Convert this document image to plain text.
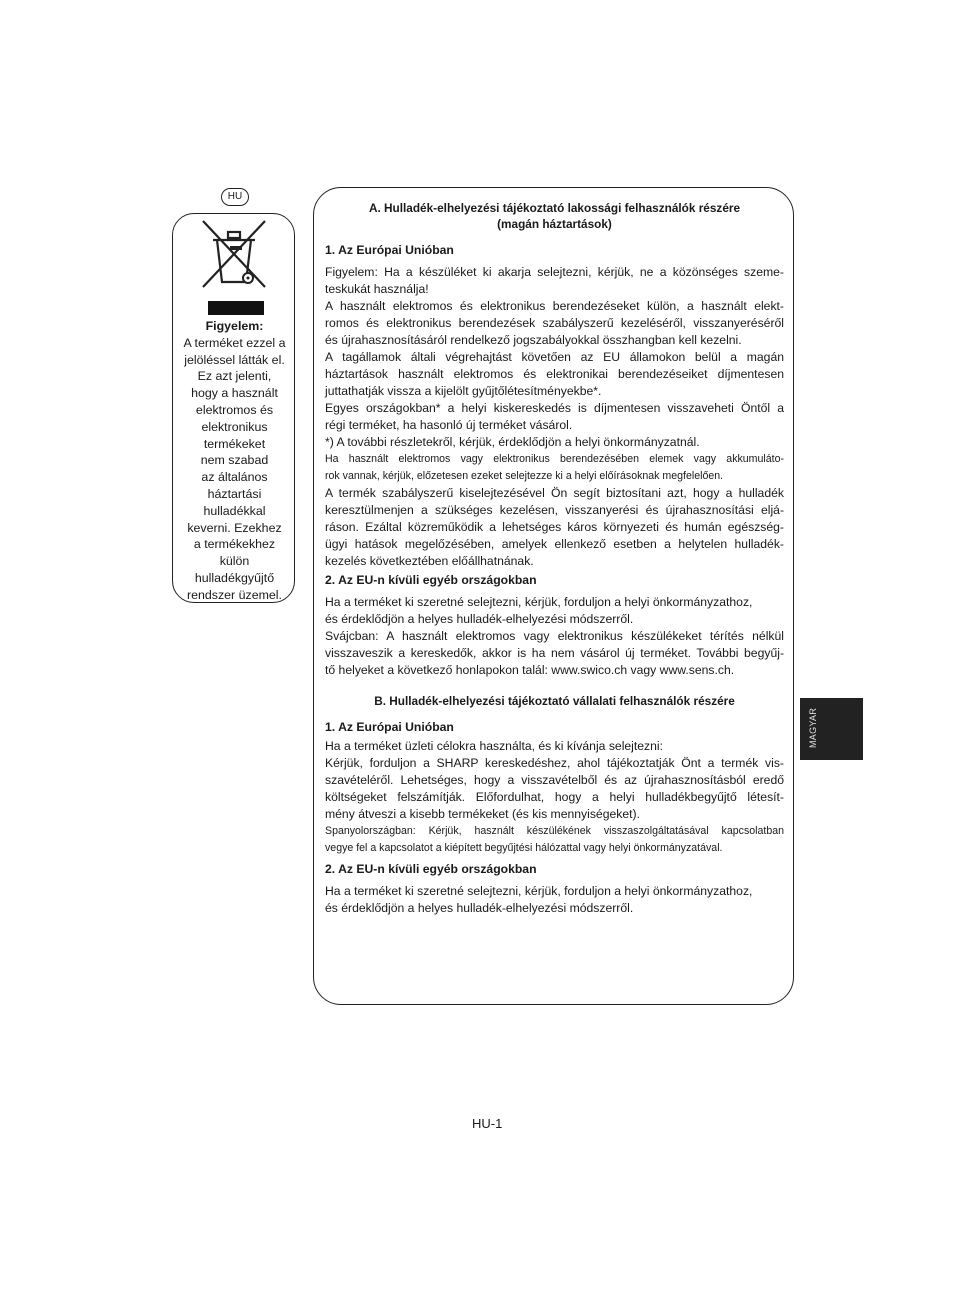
HU
Figyelem:
A terméket ezzel a
jelöléssel látták el.
Ez azt jelenti,
hogy a használt
elektromos és
elektronikus
termékeket
nem szabad
az általános
háztartási
hulladékkal
keverni. Ezekhez
a termékekhez
külön
hulladékgyűjtő
rendszer üzemel.

A. Hulladék-elhelyezési tájékoztató lakossági felhasználók részére
(magán háztartások)

1. Az Európai Unióban

Figyelem: Ha a készüléket ki akarja selejtezni, kérjük, ne a közönséges szeme-
teskukát használja!

A használt elektromos és elektronikus berendezéseket külön, a használt elekt-
romos és elektronikus berendezések szabályszerű kezeléséről, visszanyeréséről
és újrahasznosításáról rendelkező jogszabályokkal összhangban kell kezelni.

A tagállamok általi végrehajtást követően az EU államokon belül a magán
háztartások használt elektromos és elektronikai berendezéseiket díjmentesen
juttathatják vissza a kijelölt gyűjtőlétesítményekbe*.

Egyes országokban* a helyi kiskereskedés is díjmentesen visszaveheti Öntől a
régi terméket, ha hasonló új terméket vásárol.

*) A további részletekről, kérjük, érdeklődjön a helyi önkormányzatnál.

Ha használt elektromos vagy elektronikus berendezésében elemek vagy akkumuláto-
rok vannak, kérjük, előzetesen ezeket selejtezze ki a helyi előírásoknak megfelelően.

A termék szabályszerű kiselejtezésével Ön segít biztosítani azt, hogy a hulladék
keresztülmenjen a szükséges kezelésen, visszanyerési és újrahasznosítási eljá-
ráson. Ezáltal közreműködik a lehetséges káros környezeti és humán egészség-
ügyi hatások megelőzésében, amelyek ellenkező esetben a helytelen hulladék-
kezelés következtében előállhatnának.

2. Az EU-n kívüli egyéb országokban

Ha a terméket ki szeretné selejtezni, kérjük, forduljon a helyi önkormányzathoz,
és érdeklődjön a helyes hulladék-elhelyezési módszerről.

Svájcban: A használt elektromos vagy elektronikus készülékeket térítés nélkül
visszaveszik a kereskedők, akkor is ha nem vásárol új terméket. További begyűj-
tő helyeket a következő honlapokon talál: www.swico.ch vagy www.sens.ch.

B. Hulladék-elhelyezési tájékoztató vállalati felhasználók részére

1. Az Európai Unióban

Ha a terméket üzleti célokra használta, és ki kívánja selejtezni:

Kérjük, forduljon a SHARP kereskedéshez, ahol tájékoztatják Önt a termék vis-
szavételéről. Lehetséges, hogy a visszavételből és az újrahasznosításból eredő
költségeket felszámítják. Előfordulhat, hogy a helyi hulladékbegyűjtő létesít-
mény átveszi a kisebb termékeket (és kis mennyiségeket).

Spanyolországban: Kérjük, használt készülékének visszaszolgáltatásával kapcsolatban
vegye fel a kapcsolatot a kiépített begyűjtési hálózattal vagy helyi önkormányzatával.

2. Az EU-n kívüli egyéb országokban

Ha a terméket ki szeretné selejtezni, kérjük, forduljon a helyi önkormányzathoz,
és érdeklődjön a helyes hulladék-elhelyezési módszerről.

MAGYAR
HU-1
